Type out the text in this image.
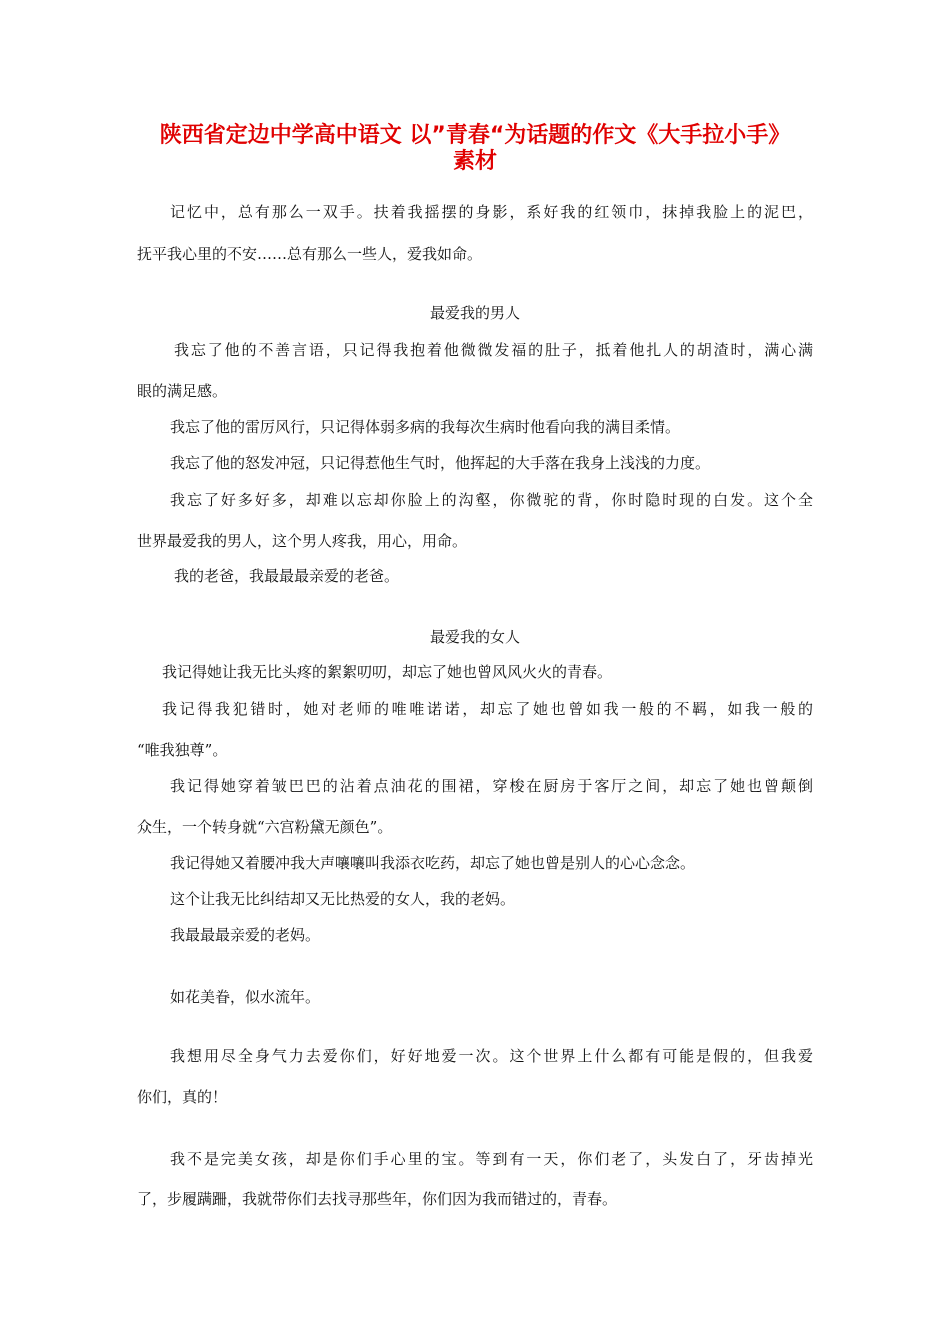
陕西省定边中学高中语文 以”青春“为话题的作文《大手拉小手》
素材
记忆中，总有那么一双手。扶着我摇摆的身影，系好我的红领巾，抹掉我脸上的泥巴，
抚平我心里的不安……总有那么一些人，爱我如命。
最爱我的男人
我忘了他的不善言语，只记得我抱着他微微发福的肚子，抵着他扎人的胡渣时，满心满
眼的满足感。
我忘了他的雷厉风行，只记得体弱多病的我每次生病时他看向我的满目柔情。
我忘了他的怒发冲冠，只记得惹他生气时，他挥起的大手落在我身上浅浅的力度。
我忘了好多好多，却难以忘却你脸上的沟壑，你微驼的背，你时隐时现的白发。这个全
世界最爱我的男人，这个男人疼我，用心，用命。
我的老爸，我最最最亲爱的老爸。
最爱我的女人
我记得她让我无比头疼的絮絮叨叨，却忘了她也曾风风火火的青春。
我记得我犯错时，她对老师的唯唯诺诺，却忘了她也曾如我一般的不羁，如我一般的
“唯我独尊”。
我记得她穿着皱巴巴的沾着点油花的围裙，穿梭在厨房于客厅之间，却忘了她也曾颠倒
众生，一个转身就“六宫粉黛无颜色”。
我记得她又着腰冲我大声嚷嚷叫我添衣吃药，却忘了她也曾是别人的心心念念。
这个让我无比纠结却又无比热爱的女人，我的老妈。
我最最最亲爱的老妈。
如花美眷，似水流年。
我想用尽全身气力去爱你们，好好地爱一次。这个世界上什么都有可能是假的，但我爱
你们，真的！
我不是完美女孩，却是你们手心里的宝。等到有一天，你们老了，头发白了，牙齿掉光
了，步履蹒跚，我就带你们去找寻那些年，你们因为我而错过的，青春。
